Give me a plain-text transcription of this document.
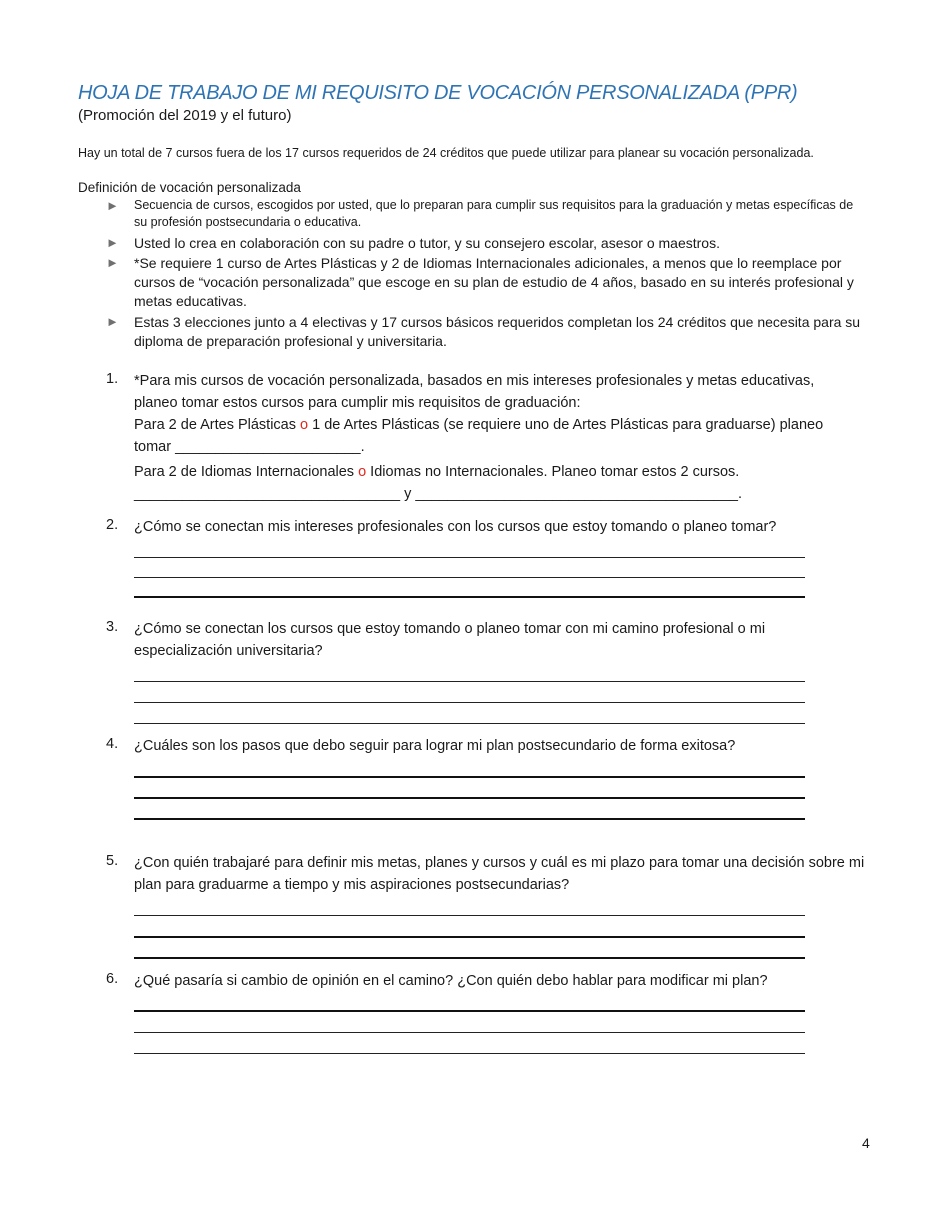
HOJA DE TRABAJO DE MI REQUISITO DE VOCACIÓN PERSONALIZADA (PPR)
(Promoción del 2019 y el futuro)
Hay un total de 7 cursos fuera de los 17 cursos requeridos de 24 créditos que puede utilizar para planear su vocación personalizada.
Definición de vocación personalizada
► Secuencia de cursos, escogidos por usted, que lo preparan para cumplir sus requisitos para la graduación y metas específicas de su profesión postsecundaria o educativa.
► Usted lo crea en colaboración con su padre o tutor, y su consejero escolar, asesor o maestros.
► *Se requiere 1 curso de Artes Plásticas y 2 de Idiomas Internacionales adicionales, a menos que lo reemplace por cursos de “vocación personalizada” que escoge en su plan de estudio de 4 años, basado en su interés profesional y metas educativas.
► Estas 3 elecciones junto a 4 electivas y 17 cursos básicos requeridos completan los 24 créditos que necesita para su diploma de preparación profesional y universitaria.
1. *Para mis cursos de vocación personalizada, basados en mis intereses profesionales y metas educativas, planeo tomar estos cursos para cumplir mis requisitos de graduación:
Para 2 de Artes Plásticas o 1 de Artes Plásticas (se requiere uno de Artes Plásticas para graduarse) planeo tomar _______________________.
Para 2 de Idiomas Internacionales o Idiomas no Internacionales. Planeo tomar estos 2 cursos.
_________________________________ y ________________________________________.
2. ¿Cómo se conectan mis intereses profesionales con los cursos que estoy tomando o planeo tomar?
3. ¿Cómo se conectan los cursos que estoy tomando o planeo tomar con mi camino profesional o mi especialización universitaria?
4. ¿Cuáles son los pasos que debo seguir para lograr mi plan postsecundario de forma exitosa?
5. ¿Con quién trabajaré para definir mis metas, planes y cursos y cuál es mi plazo para tomar una decisión sobre mi plan para graduarme a tiempo y mis aspiraciones postsecundarias?
6. ¿Qué pasaría si cambio de opinión en el camino? ¿Con quién debo hablar para modificar mi plan?
4
